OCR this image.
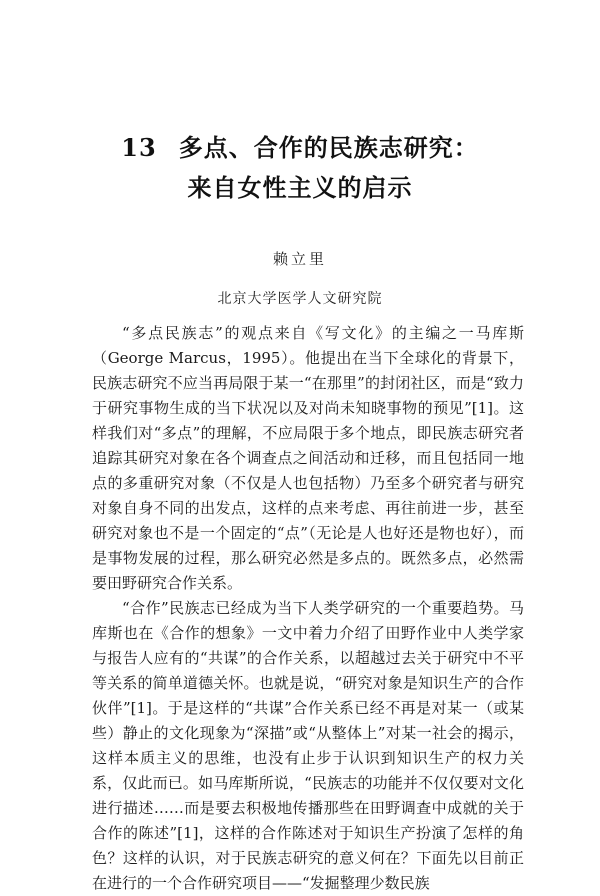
13 多点、合作的民族志研究：
来自女性主义的启示
赖立里
北京大学医学人文研究院

“多点民族志”的观点来自《写文化》的主编之一马库斯（George Marcus，1995）。他提出在当下全球化的背景下，民族志研究不应当再局限于某一“在那里”的封闭社区，而是“致力于研究事物生成的当下状况以及对尚未知晓事物的预见”[1]。这样我们对“多点”的理解，不应局限于多个地点，即民族志研究者追踪其研究对象在各个调查点之间活动和迁移，而且包括同一地点的多重研究对象（不仅是人也包括物）乃至多个研究者与研究对象自身不同的出发点，这样的点来考虑、再往前进一步，甚至研究对象也不是一个固定的“点”（无论是人也好还是物也好），而是事物发展的过程，那么研究必然是多点的。既然多点，必然需要田野研究合作关系。

“合作”民族志已经成为当下人类学研究的一个重要趋势。马库斯也在《合作的想象》一文中着力介绍了田野作业中人类学家与报告人应有的“共谋”的合作关系，以超越过去关于研究中不平等关系的简单道德关怀。也就是说，“研究对象是知识生产的合作伙伴”[1]。于是这样的“共谋”合作关系已经不再是对某一（或某些）静止的文化现象为“深描”或“从整体上”对某一社会的揭示，这样本质主义的思维，也没有止步于认识到知识生产的权力关系，仅此而已。如马库斯所说，“民族志的功能并不仅仅要对文化进行描述……而是要去积极地传播那些在田野调查中成就的关于合作的陈述”[1]，这样的合作陈述对于知识生产扮演了怎样的角色？这样的认识，对于民族志研究的意义何在？下面先以目前正在进行的一个合作研究项目——“发掘整理少数民族
